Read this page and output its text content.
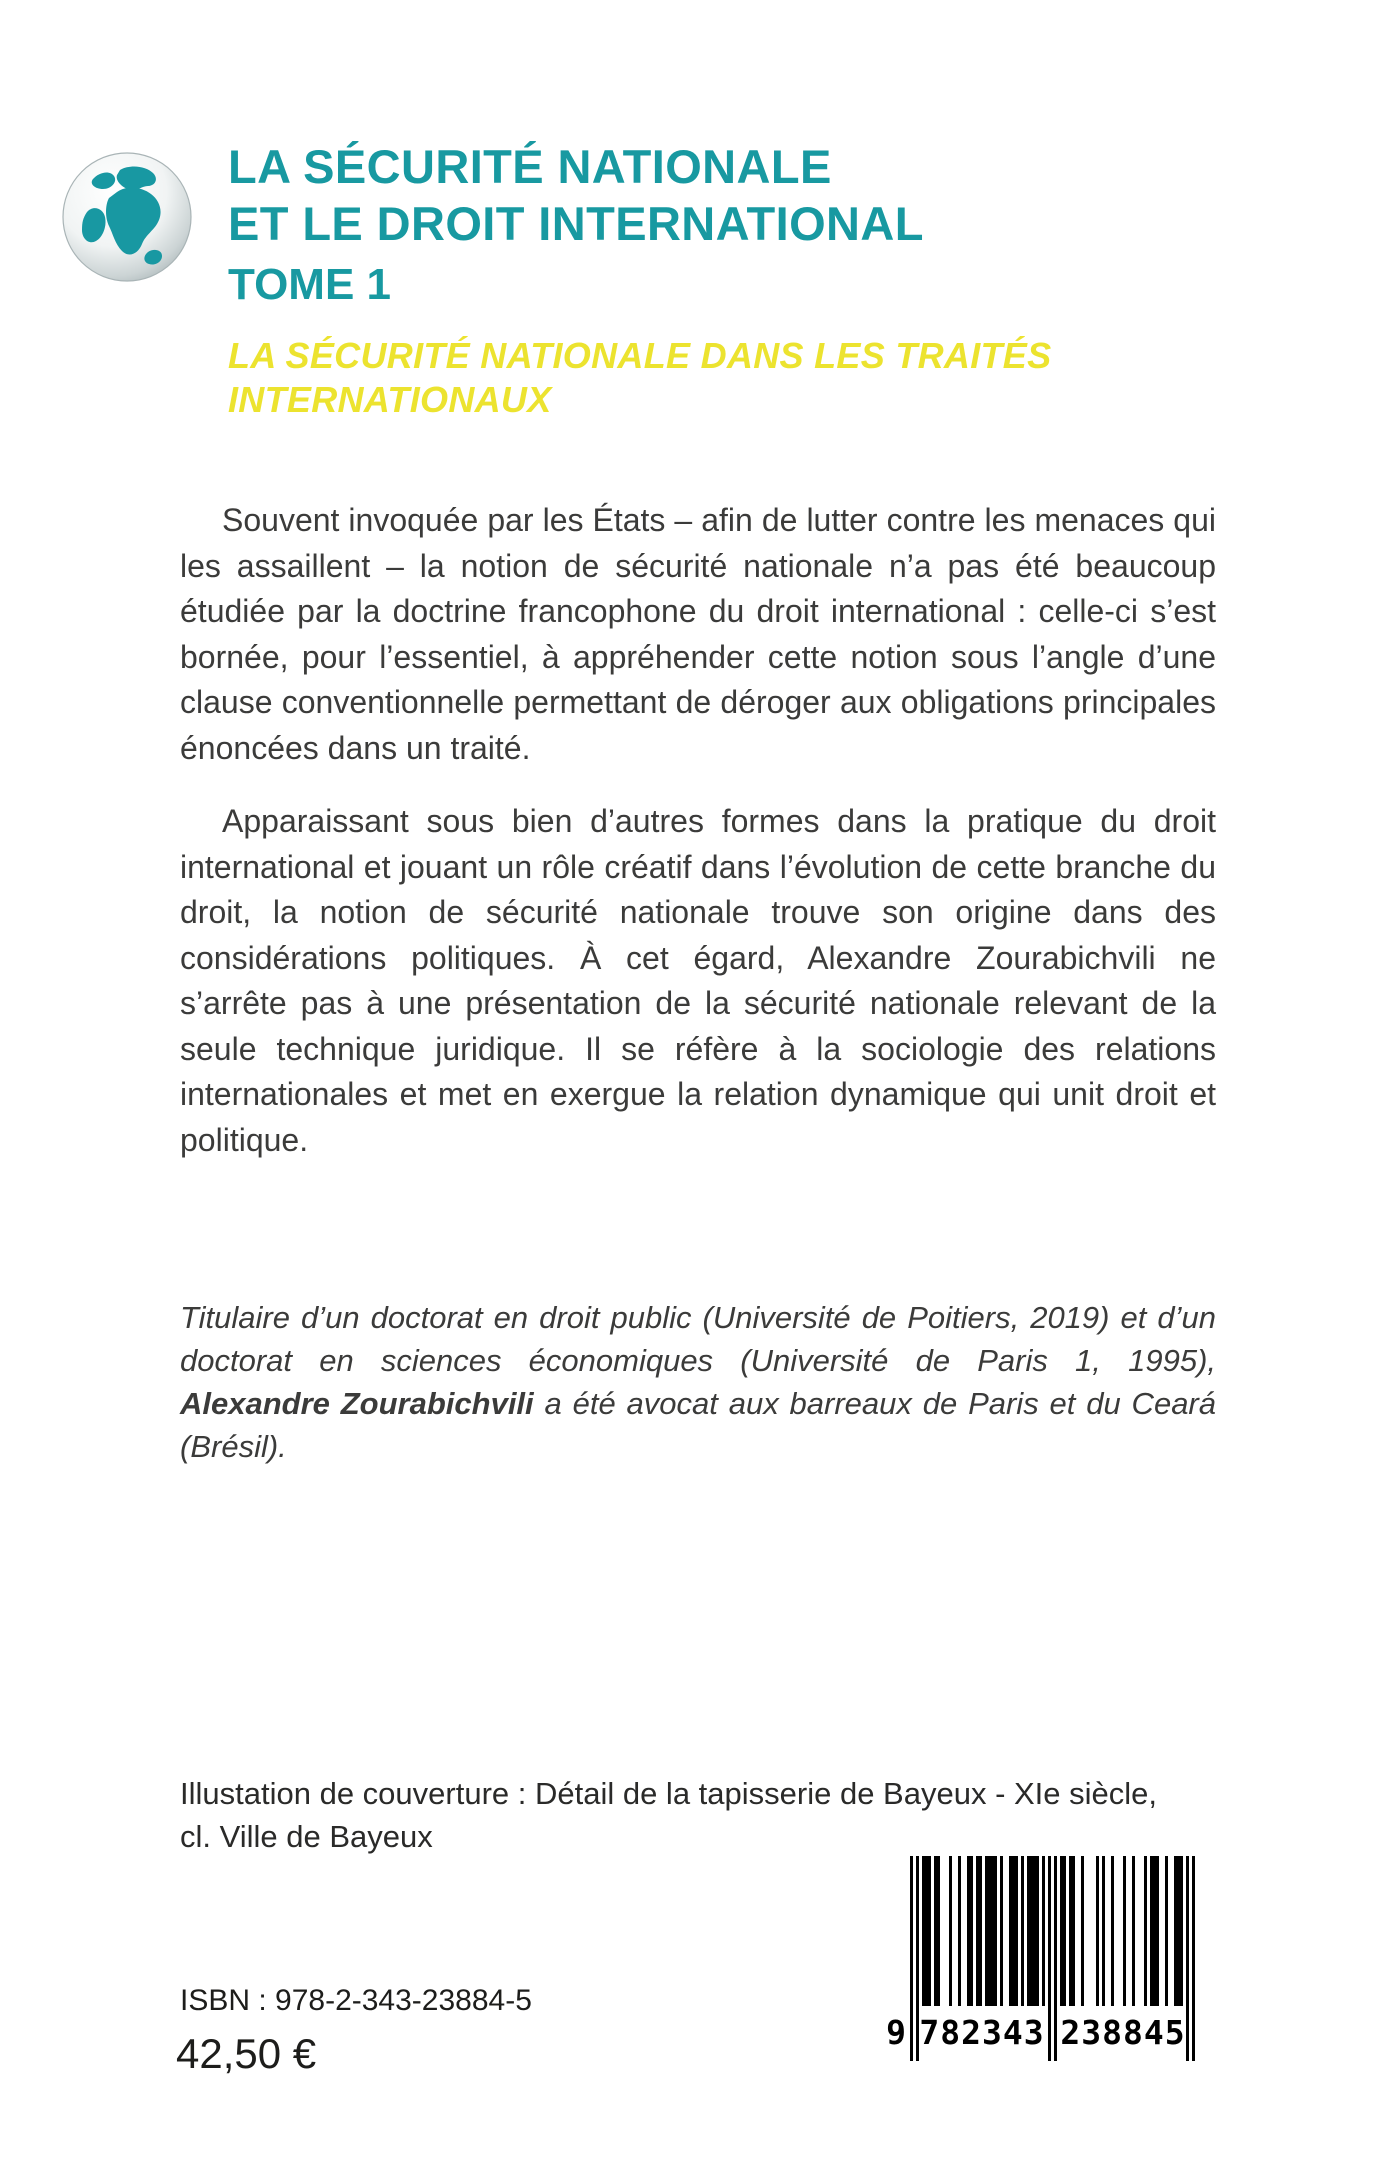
LA SÉCURITÉ NATIONALE
ET LE DROIT INTERNATIONAL
TOME 1
LA SÉCURITÉ NATIONALE DANS LES TRAITÉS INTERNATIONAUX

Souvent invoquée par les États – afin de lutter contre les menaces qui les assaillent – la notion de sécurité nationale n’a pas été beaucoup étudiée par la doctrine francophone du droit international : celle-ci s’est bornée, pour l’essentiel, à appréhender cette notion sous l’angle d’une clause conventionnelle permettant de déroger aux obligations principales énoncées dans un traité.

Apparaissant sous bien d’autres formes dans la pratique du droit international et jouant un rôle créatif dans l’évolution de cette branche du droit, la notion de sécurité nationale trouve son origine dans des considérations politiques. À cet égard, Alexandre Zourabichvili ne s’arrête pas à une présentation de la sécurité nationale relevant de la seule technique juridique. Il se réfère à la sociologie des relations internationales et met en exergue la relation dynamique qui unit droit et politique.

Titulaire d’un doctorat en droit public (Université de Poitiers, 2019) et d’un doctorat en sciences économiques (Université de Paris 1, 1995), Alexandre Zourabichvili a été avocat aux barreaux de Paris et du Ceará (Brésil).
Illustation de couverture : Détail de la tapisserie de Bayeux - XIe siècle,
cl. Ville de Bayeux
ISBN : 978-2-343-23884-5
42,50 €	9 782343 238845
